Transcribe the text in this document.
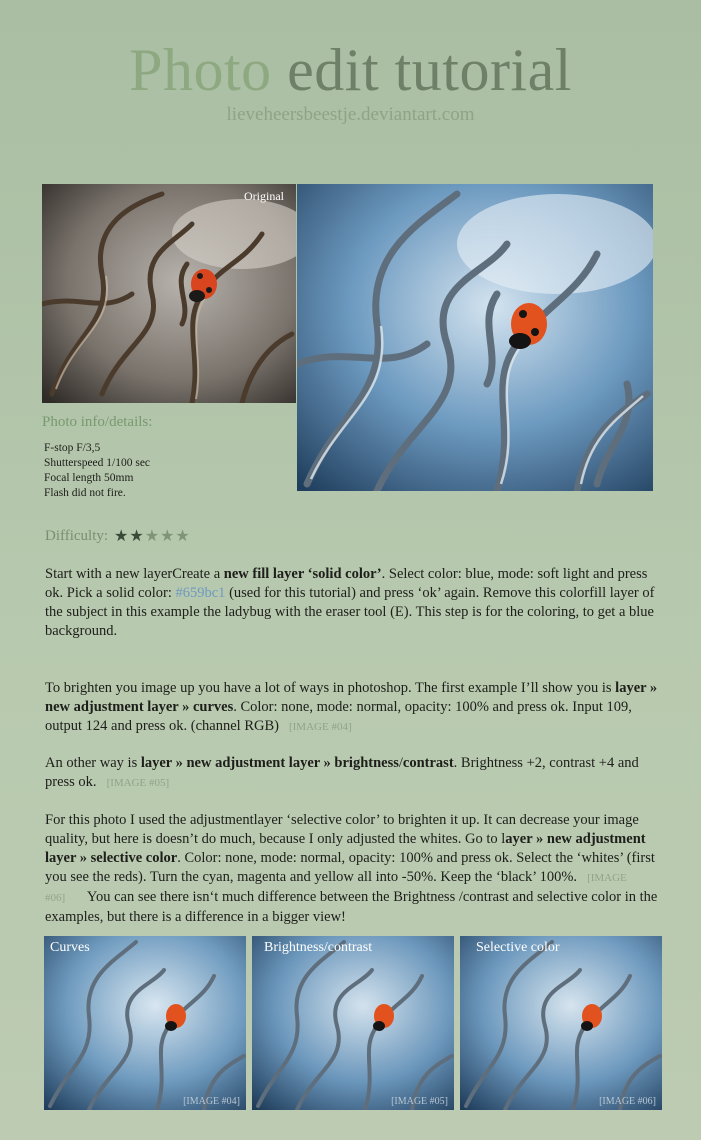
Photo edit tutorial
lieveheersbeestje.deviantart.com
Original
Photo info/details:
F-stop F/3,5
Shutterspeed 1/100 sec
Focal length 50mm
Flash did not fire.
Difficulty: ★★★★★
Start with a new layerCreate a new fill layer ‘solid color’. Select color: blue, mode: soft light and press ok. Pick a solid color: #659bc1 (used for this tutorial) and press ‘ok’ again. Remove this colorfill layer of the subject in this example the ladybug with the eraser tool (E). This step is for the coloring, to get a blue background.
To brighten you image up you have a lot of ways in photoshop. The first example I’ll show you is layer » new adjustment layer » curves. Color: none, mode: normal, opacity: 100% and press ok. Input 109, output 124 and press ok. (channel RGB) [IMAGE #04]
An other way is layer » new adjustment layer » brightness/contrast. Brightness +2, contrast +4 and press ok. [IMAGE #05]
For this photo I used the adjustmentlayer ‘selective color’ to brighten it up. It can decrease your image quality, but here is doesn’t do much, because I only adjusted the whites. Go to layer » new adjustment layer » selective color. Color: none, mode: normal, opacity: 100% and press ok. Select the ‘whites’ (first you see the reds). Turn the cyan, magenta and yellow all into -50%. Keep the ‘black’ 100%. [IMAGE #06] You can see there isn‘t much difference between the Brightness /contrast and selective color in the examples, but there is a difference in a bigger view!
Curves
[IMAGE #04]
Brightness/contrast
[IMAGE #05]
Selective color
[IMAGE #06]
